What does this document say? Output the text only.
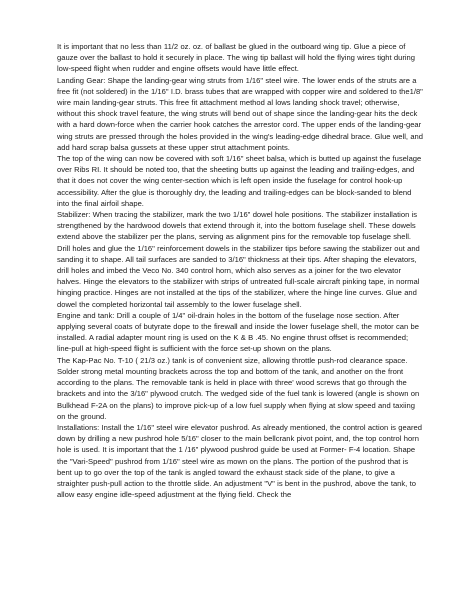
It is important that no less than 11/2 oz. oz. of ballast be glued in the outboard wing tip. Glue a piece of gauze over the ballast to hold it securely in place. The wing tip ballast will hold the flying wires tight during low-speed flight when rudder and engine offsets would have little effect.

Landing Gear: Shape the landing-gear wing struts from 1/16" steel wire. The lower ends of the struts are a free fit (not soldered) in the 1/16" I.D. brass tubes that are wrapped with copper wire and soldered to the1/8" wire main landing-gear struts. This free fit attachment method al lows landing shock travel; otherwise, without this shock travel feature, the wing struts will bend out of shape since the landing-gear hits the deck with a hard down-force when the carrier hook catches the arrestor cord. The upper ends of the landing-gear wing struts are pressed through the holes provided in the wing's leading-edge dihedral brace. Glue well, and add hard scrap balsa gussets at these upper strut attachment points.

The top of the wing can now be covered with soft 1/16" sheet balsa, which is butted up against the fuselage over Ribs RI. It should be noted too, that the sheeting butts up against the leading and trailing-edges, and that it does not cover the wing center-section which is left open inside the fuselage for control hook-up accessibility. After the glue is thoroughly dry, the leading and trailing-edges can be block-sanded to blend into the final airfoil shape.

Stabilizer: When tracing the stabilizer, mark the two 1/16" dowel hole positions. The stabilizer installation is strengthened by the hardwood dowels that extend through it, into the bottom fuselage shell. These dowels extend above the stabilizer per the plans, serving as alignment pins for the removable top fuselage shell. Drill holes and glue the 1/16" reinforcement dowels in the stabilizer tips before sawing the stabilizer out and sanding it to shape. All tail surfaces are sanded to 3/16" thickness at their tips. After shaping the elevators, drill holes and imbed the Veco No. 340 control horn, which also serves as a joiner for the two elevator halves. Hinge the elevators to the stabilizer with strips of untreated full-scale aircraft pinking tape, in normal hinging practice. Hinges are not installed at the tips of the stabilizer, where the hinge line curves. Glue and dowel the completed horizontal tail assembly to the lower fuselage shell.

Engine and tank: Drill a couple of 1/4" oil-drain holes in the bottom of the fuselage nose section. After applying several coats of butyrate dope to the firewall and inside the lower fuselage shell, the motor can be installed. A radial adapter mount ring is used on the K & B .45. No engine thrust offset is recommended; line-pull at high-speed flight is sufficient with the force set-up shown on the plans.

The Kap-Pac No. T-10 ( 21/3 oz.) tank is of convenient size, allowing throttle push-rod clearance space. Solder strong metal mounting brackets across the top and bottom of the tank, and another on the front according to the plans. The removable tank is held in place with three' wood screws that go through the brackets and into the 3/16" plywood crutch. The wedged side of the fuel tank is lowered (angle is shown on Bulkhead F-2A on the plans) to improve pick-up of a low fuel supply when flying at slow speed and taxiing on the ground.

Installations: Install the 1/16" steel wire elevator pushrod. As already mentioned, the control action is geared down by drilling a new pushrod hole 5/16" closer to the main bellcrank pivot point, and, the top control horn hole is used. It is important that the 1 /16" plywood pushrod guide be used at Former- F-4 location. Shape the "Vari-Speed" pushrod from 1/16" steel wire as mown on the plans. The portion of the pushrod that is bent up to go over the top of the tank is angled toward the exhaust stack side of the plane, to give a straighter push-pull action to the throttle slide. An adjustment "V" is bent in the pushrod, above the tank, to allow easy engine idle-speed adjustment at the flying field. Check the
